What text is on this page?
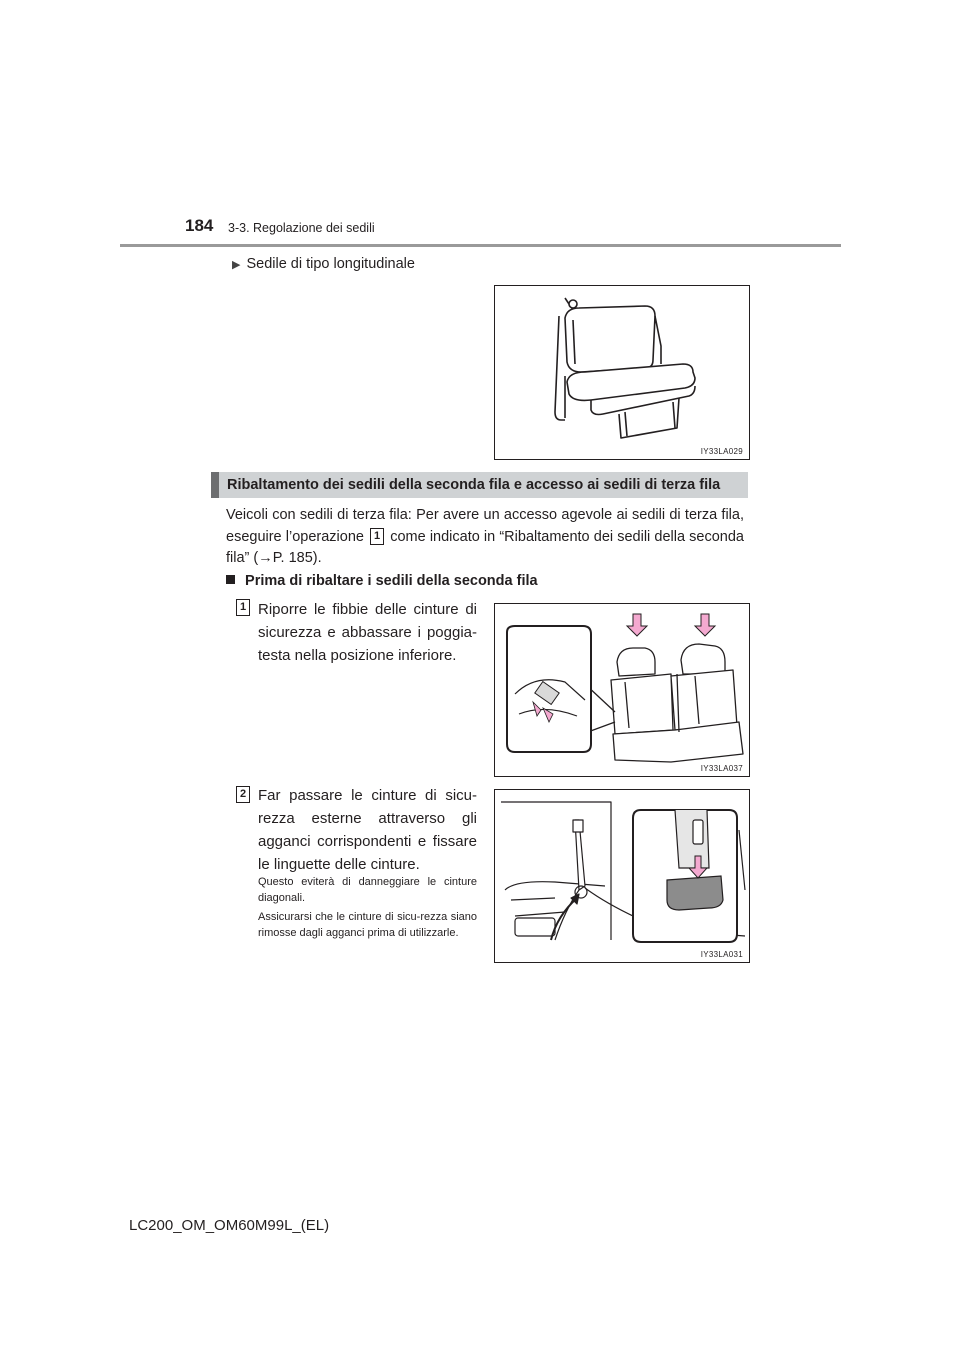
184 3-3. Regolazione dei sedili
▶ Sedile di tipo longitudinale
IY33LA029
Ribaltamento dei sedili della seconda fila e accesso ai sedili di terza fila
Veicoli con sedili di terza fila: Per avere un accesso agevole ai sedili di terza fila, eseguire l’operazione 1 come indicato in “Ribaltamento dei sedili della seconda fila” (→P. 185).
Prima di ribaltare i sedili della seconda fila
1 Riporre le fibbie delle cinture di sicurezza e abbassare i poggia-testa nella posizione inferiore.
IY33LA037
2 Far passare le cinture di sicu-rezza esterne attraverso gli agganci corrispondenti e fissare le linguette delle cinture.
Questo eviterà di danneggiare le cinture diagonali.
Assicurarsi che le cinture di sicu-rezza siano rimosse dagli agganci prima di utilizzarle.
IY33LA031
LC200_OM_OM60M99L_(EL)
